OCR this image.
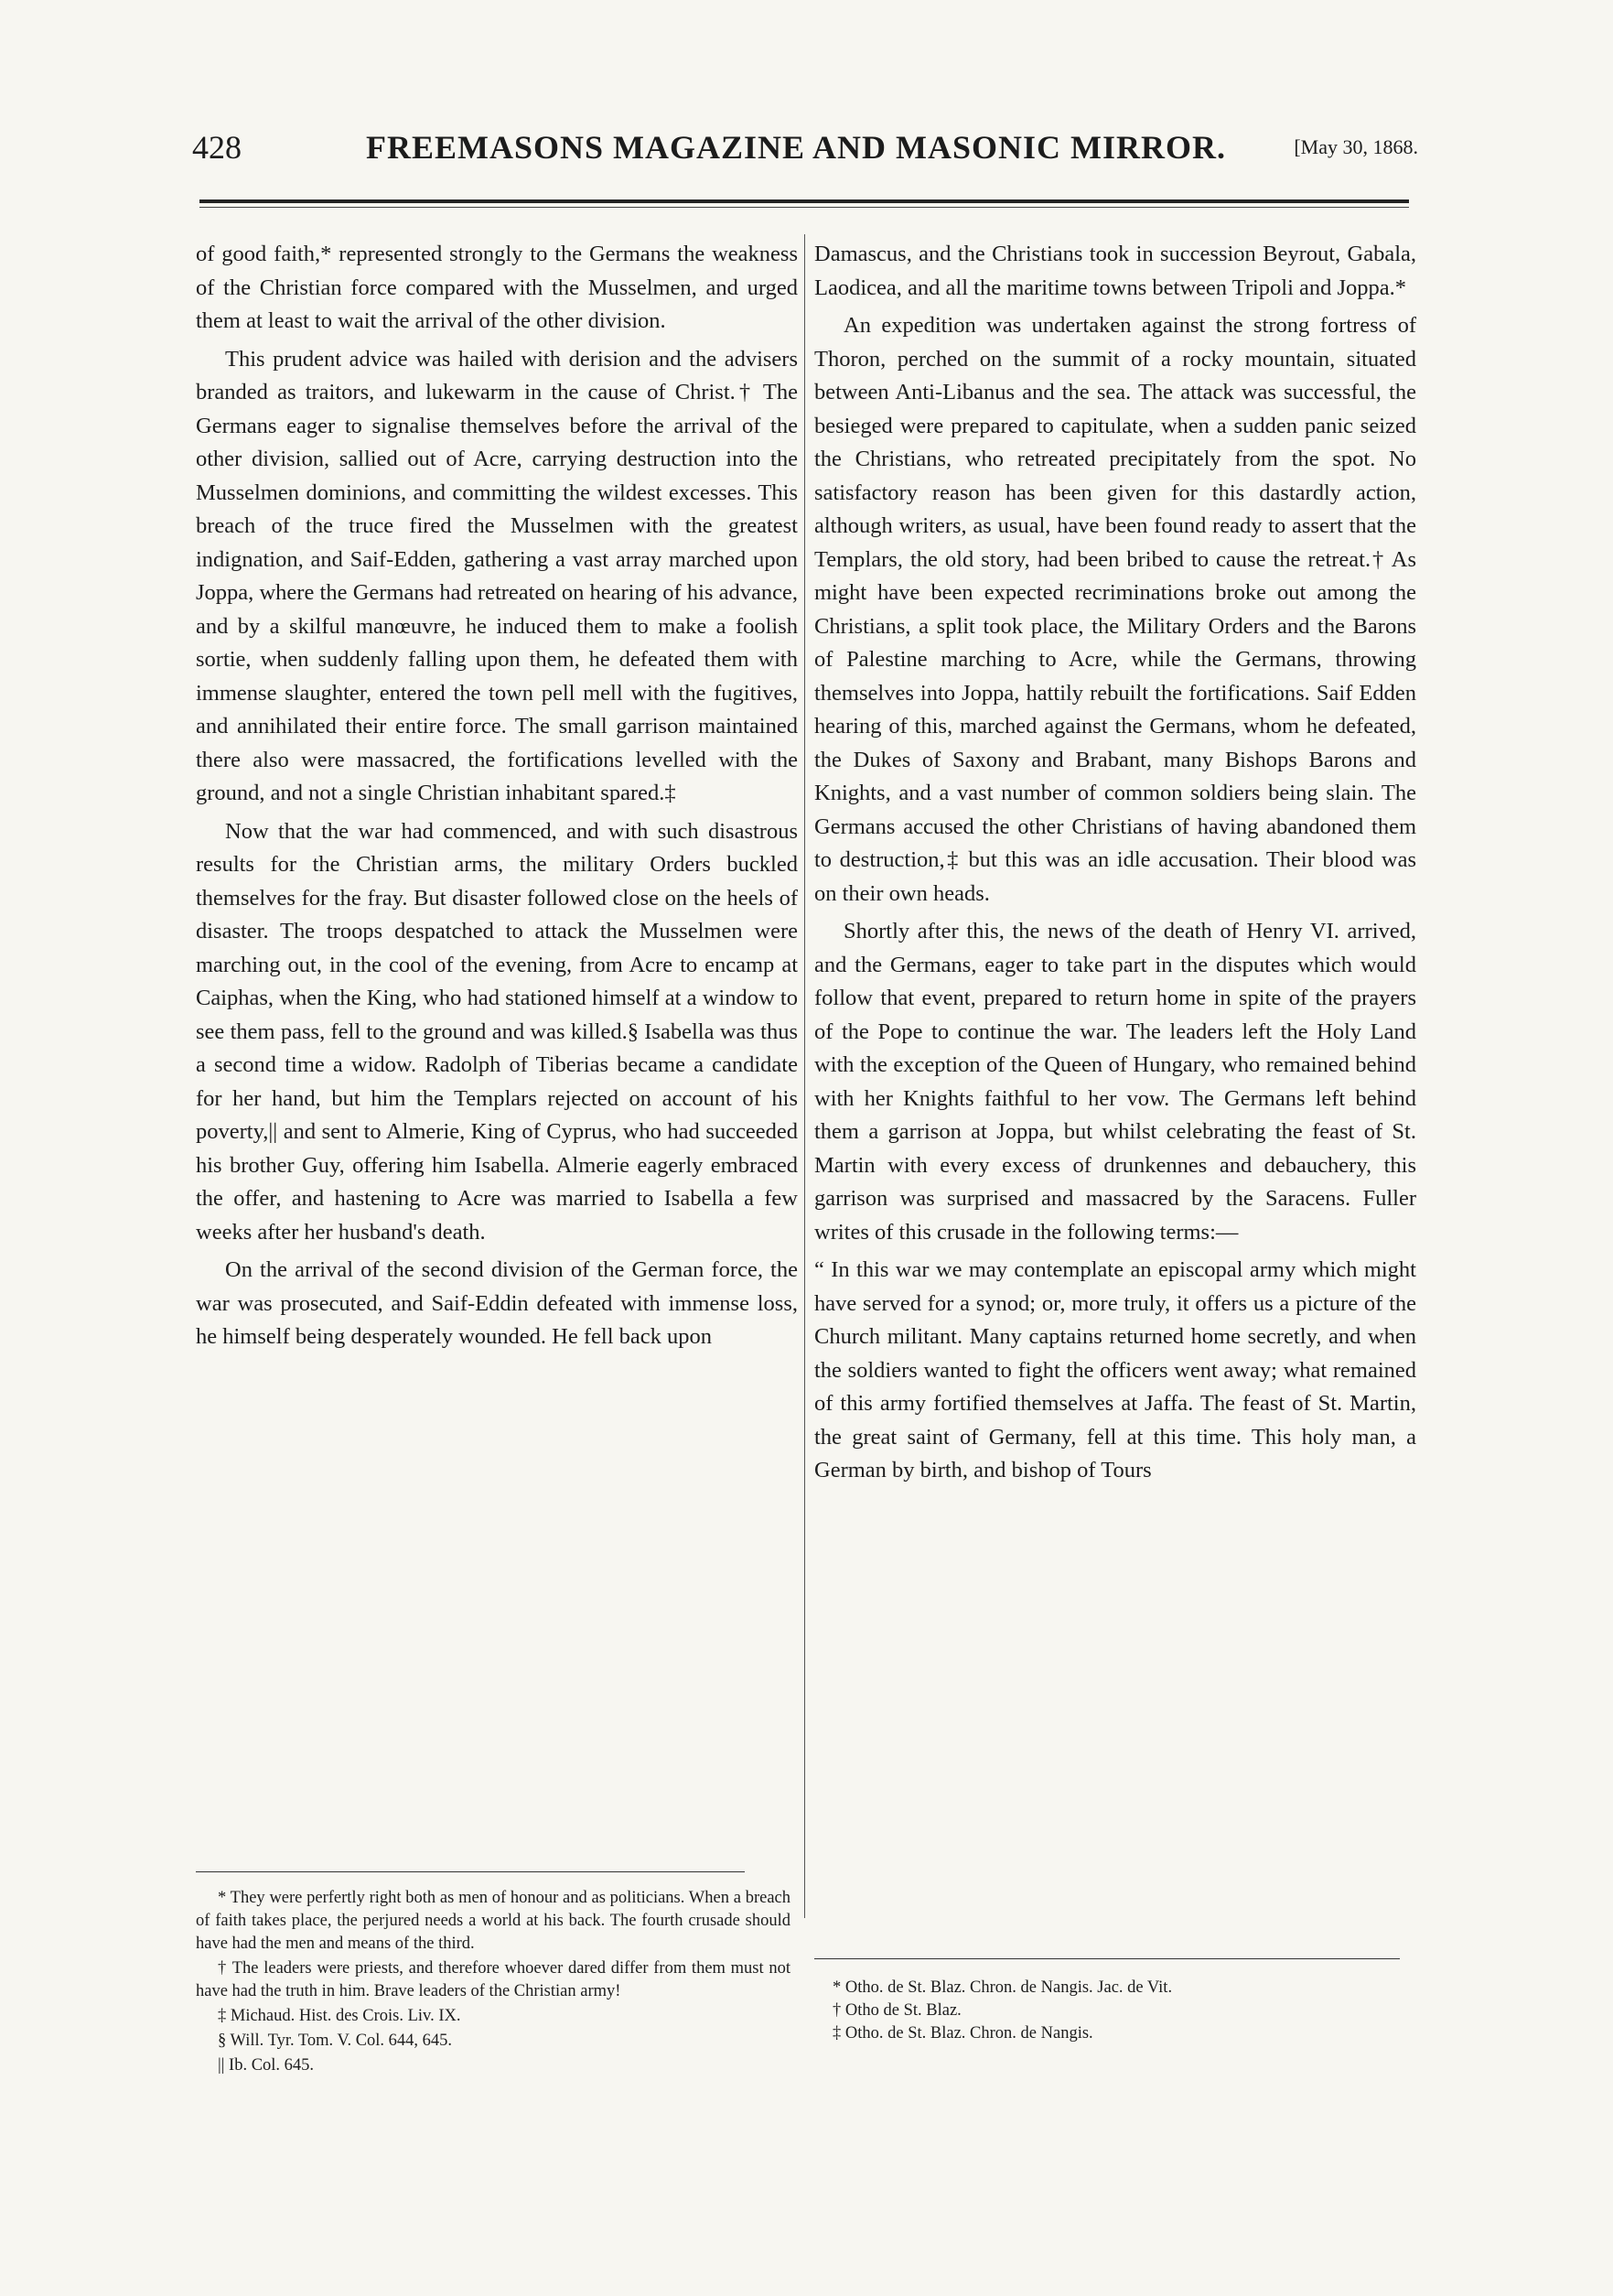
428	FREEMASONS MAGAZINE AND MASONIC MIRROR.	[May 30, 1868.

of good faith,* represented strongly to the Germans the weakness of the Christian force compared with the Musselmen, and urged them at least to wait the arrival of the other division.

This prudent advice was hailed with derision and the advisers branded as traitors, and lukewarm in the cause of Christ.† The Germans eager to signalise themselves before the arrival of the other division, sallied out of Acre, carrying destruction into the Musselmen dominions, and committing the wildest excesses. This breach of the truce fired the Musselmen with the greatest indignation, and Saif-Edden, gathering a vast array marched upon Joppa, where the Germans had retreated on hearing of his advance, and by a skilful manœuvre, he induced them to make a foolish sortie, when suddenly falling upon them, he defeated them with immense slaughter, entered the town pell mell with the fugitives, and annihilated their entire force. The small garrison maintained there also were massacred, the fortifications levelled with the ground, and not a single Christian inhabitant spared.‡

Now that the war had commenced, and with such disastrous results for the Christian arms, the military Orders buckled themselves for the fray. But disaster followed close on the heels of disaster. The troops despatched to attack the Musselmen were marching out, in the cool of the evening, from Acre to encamp at Caiphas, when the King, who had stationed himself at a window to see them pass, fell to the ground and was killed.§ Isabella was thus a second time a widow. Radolph of Tiberias became a candidate for her hand, but him the Templars rejected on account of his poverty,|| and sent to Almerie, King of Cyprus, who had succeeded his brother Guy, offering him Isabella. Almerie eagerly embraced the offer, and hastening to Acre was married to Isabella a few weeks after her husband's death.

On the arrival of the second division of the German force, the war was prosecuted, and Saif-Eddin defeated with immense loss, he himself being desperately wounded. He fell back upon

Damascus, and the Christians took in succession Beyrout, Gabala, Laodicea, and all the maritime towns between Tripoli and Joppa.*

An expedition was undertaken against the strong fortress of Thoron, perched on the summit of a rocky mountain, situated between Anti-Libanus and the sea. The attack was successful, the besieged were prepared to capitulate, when a sudden panic seized the Christians, who retreated precipitately from the spot. No satisfactory reason has been given for this dastardly action, although writers, as usual, have been found ready to assert that the Templars, the old story, had been bribed to cause the retreat.† As might have been expected recriminations broke out among the Christians, a split took place, the Military Orders and the Barons of Palestine marching to Acre, while the Germans, throwing themselves into Joppa, hattily rebuilt the fortifications. Saif Edden hearing of this, marched against the Germans, whom he defeated, the Dukes of Saxony and Brabant, many Bishops Barons and Knights, and a vast number of common soldiers being slain. The Germans accused the other Christians of having abandoned them to destruction,‡ but this was an idle accusation. Their blood was on their own heads.

Shortly after this, the news of the death of Henry VI. arrived, and the Germans, eager to take part in the disputes which would follow that event, prepared to return home in spite of the prayers of the Pope to continue the war. The leaders left the Holy Land with the exception of the Queen of Hungary, who remained behind with her Knights faithful to her vow. The Germans left behind them a garrison at Joppa, but whilst celebrating the feast of St. Martin with every excess of drunkennes and debauchery, this garrison was surprised and massacred by the Saracens. Fuller writes of this crusade in the following terms:—

“ In this war we may contemplate an episcopal army which might have served for a synod; or, more truly, it offers us a picture of the Church militant. Many captains returned home secretly, and when the soldiers wanted to fight the officers went away; what remained of this army fortified themselves at Jaffa. The feast of St. Martin, the great saint of Germany, fell at this time. This holy man, a German by birth, and bishop of Tours

* They were perfertly right both as men of honour and as politicians. When a breach of faith takes place, the perjured needs a world at his back. The fourth crusade should have had the men and means of the third.

† The leaders were priests, and therefore whoever dared differ from them must not have had the truth in him. Brave leaders of the Christian army!

‡ Michaud. Hist. des Crois. Liv. IX.

§ Will. Tyr. Tom. V. Col. 644, 645.

|| Ib. Col. 645.

* Otho. de St. Blaz. Chron. de Nangis. Jac. de Vit.

† Otho de St. Blaz.

‡ Otho. de St. Blaz. Chron. de Nangis.
